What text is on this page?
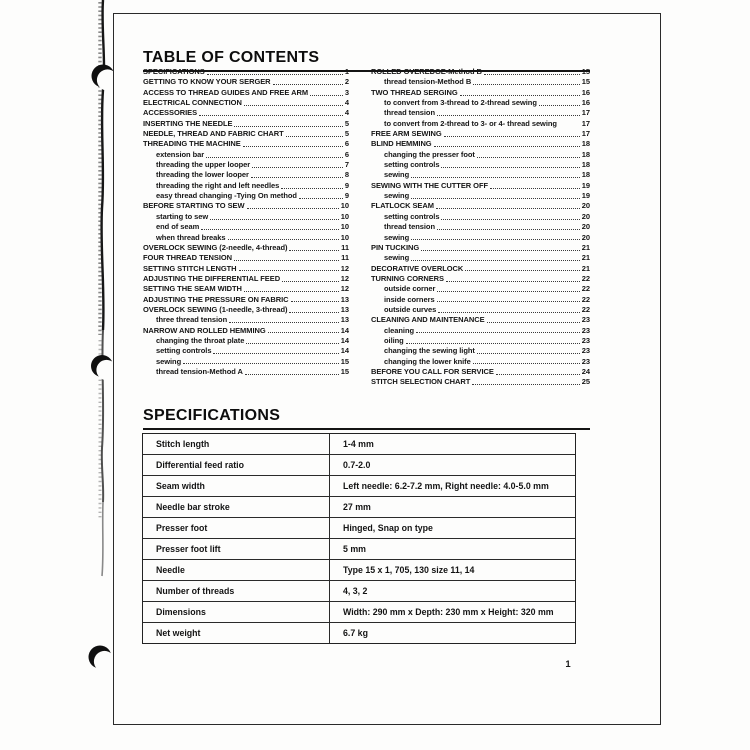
TABLE OF CONTENTS
SPECIFICATIONS	1
GETTING TO KNOW YOUR SERGER	2
ACCESS TO THREAD GUIDES AND FREE ARM	3
ELECTRICAL CONNECTION	4
ACCESSORIES	4
INSERTING THE NEEDLE	5
NEEDLE, THREAD AND FABRIC CHART	5
THREADING THE MACHINE	6
extension bar	6
threading the upper looper	7
threading the lower looper	8
threading the right and left needles	9
easy thread changing -Tying On method	9
BEFORE STARTING TO SEW	10
starting to sew	10
end of seam	10
when thread breaks	10
OVERLOCK SEWING (2-needle, 4-thread)	11
FOUR THREAD TENSION	11
SETTING STITCH LENGTH	12
ADJUSTING THE DIFFERENTIAL FEED	12
SETTING THE SEAM WIDTH	12
ADJUSTING THE PRESSURE ON FABRIC	13
OVERLOCK SEWING (1-needle, 3-thread)	13
three thread tension	13
NARROW AND ROLLED HEMMING	14
changing the throat plate	14
setting controls	14
sewing	15
thread tension-Method A	15
ROLLED OVEREDGE-Method B	15
thread tension-Method B	15
TWO THREAD SERGING	16
to convert from 3-thread to 2-thread sewing	16
thread tension	17
to convert from 2-thread to 3- or 4- thread sewing	17
FREE ARM SEWING	17
BLIND HEMMING	18
changing the presser foot	18
setting controls	18
sewing	18
SEWING WITH THE CUTTER OFF	19
sewing	19
FLATLOCK SEAM	20
setting controls	20
thread tension	20
sewing	20
PIN TUCKING	21
sewing	21
DECORATIVE OVERLOCK	21
TURNING CORNERS	22
outside corner	22
inside corners	22
outside curves	22
CLEANING AND MAINTENANCE	23
cleaning	23
oiling	23
changing the sewing light	23
changing the lower knife	23
BEFORE YOU CALL FOR SERVICE	24
STITCH SELECTION CHART	25
SPECIFICATIONS
Stitch length	1-4 mm
Differential feed ratio	0.7-2.0
Seam width	Left needle: 6.2-7.2 mm, Right needle: 4.0-5.0 mm
Needle bar stroke	27 mm
Presser foot	Hinged, Snap on type
Presser foot lift	5 mm
Needle	Type 15 x 1, 705, 130 size 11, 14
Number of threads	4, 3, 2
Dimensions	Width: 290 mm x Depth: 230 mm x Height: 320 mm
Net weight	6.7 kg
1
